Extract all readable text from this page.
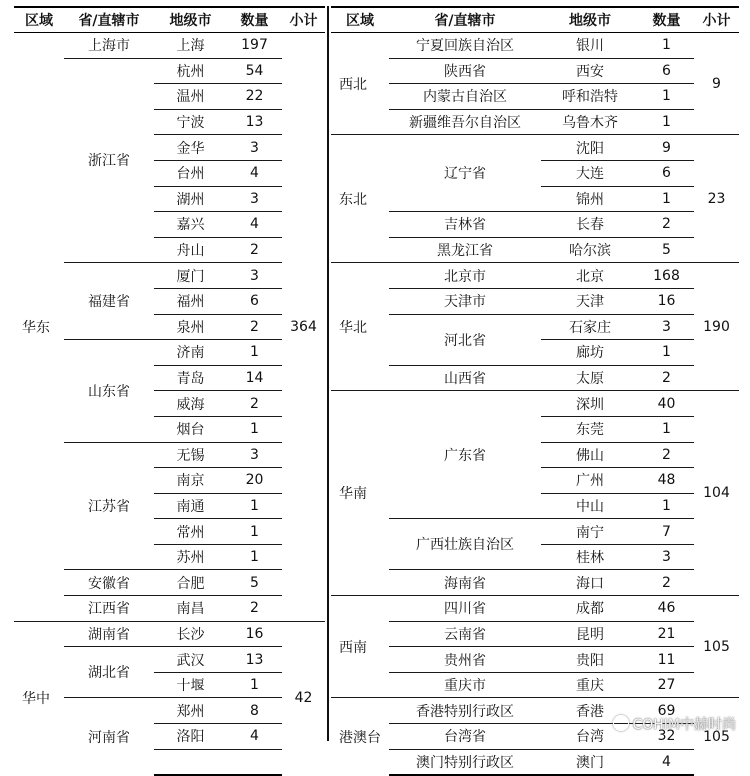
区域	省/直辖市	地级市	数量	小计
华东	上海市	上海	197	364
	浙江省	杭州	54	
		温州	22	
		宁波	13	
		金华	3	
		台州	4	
		湖州	3	
		嘉兴	4	
		舟山	2	
	福建省	厦门	3	
		福州	6	
		泉州	2	
	山东省	济南	1	
		青岛	14	
		威海	2	
		烟台	1	
	江苏省	无锡	3	
		南京	20	
		南通	1	
		常州	1	
		苏州	1	
	安徽省	合肥	5	
	江西省	南昌	2	
华中	湖南省	长沙	16	42
	湖北省	武汉	13	
		十堰	1	
	河南省	郑州	8	
		洛阳	4	

区域	省/直辖市	地级市	数量	小计
西北	宁夏回族自治区	银川	1	9
	陕西省	西安	6	
	内蒙古自治区	呼和浩特	1	
	新疆维吾尔自治区	乌鲁木齐	1	
东北	辽宁省	沈阳	9	23
		大连	6	
		锦州	1	
	吉林省	长春	2	
	黑龙江省	哈尔滨	5	
华北	北京市	北京	168	190
	天津市	天津	16	
	河北省	石家庄	3	
		廊坊	1	
	山西省	太原	2	
华南	广东省	深圳	40	104
		东莞	1	
		佛山	2	
		广州	48	
		中山	1	
	广西壮族自治区	南宁	7	
		桂林	3	
	海南省	海口	2	
西南	四川省	成都	46	105
	云南省	昆明	21	
	贵州省	贵阳	11	
	重庆市	重庆	27	
港澳台	香港特别行政区	香港	69	105
	台湾省	台湾	32	
	澳门特别行政区	澳门	4	
COHIM中赫时尚
